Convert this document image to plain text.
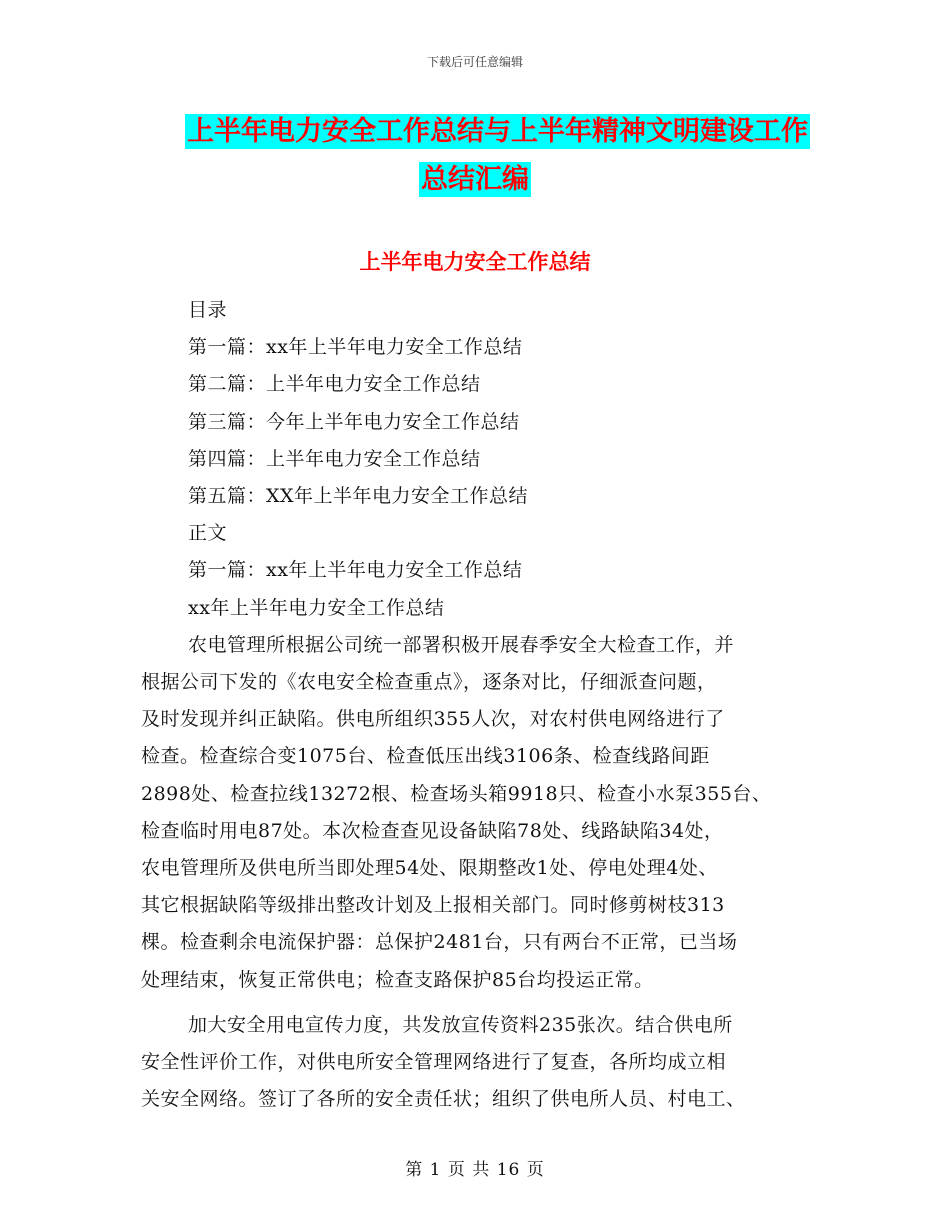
下载后可任意编辑
上半年电力安全工作总结与上半年精神文明建设工作
总结汇编
上半年电力安全工作总结
目录
第一篇：xx年上半年电力安全工作总结
第二篇：上半年电力安全工作总结
第三篇：今年上半年电力安全工作总结
第四篇：上半年电力安全工作总结
第五篇：XX年上半年电力安全工作总结
正文
第一篇：xx年上半年电力安全工作总结
xx年上半年电力安全工作总结
农电管理所根据公司统一部署积极开展春季安全大检查工作，并
根据公司下发的《农电安全检查重点》，逐条对比，仔细派查问题，
及时发现并纠正缺陷。供电所组织355人次，对农村供电网络进行了
检查。检查综合变1075台、检查低压出线3106条、检查线路间距
2898处、检查拉线13272根、检查场头箱9918只、检查小水泵355台、
检查临时用电87处。本次检查查见设备缺陷78处、线路缺陷34处，
农电管理所及供电所当即处理54处、限期整改1处、停电处理4处、
其它根据缺陷等级排出整改计划及上报相关部门。同时修剪树枝313
棵。检查剩余电流保护器：总保护2481台，只有两台不正常，已当场
处理结束，恢复正常供电；检查支路保护85台均投运正常。
加大安全用电宣传力度，共发放宣传资料235张次。结合供电所
安全性评价工作，对供电所安全管理网络进行了复查，各所均成立相
关安全网络。签订了各所的安全责任状；组织了供电所人员、村电工、
第 1 页 共 16 页
